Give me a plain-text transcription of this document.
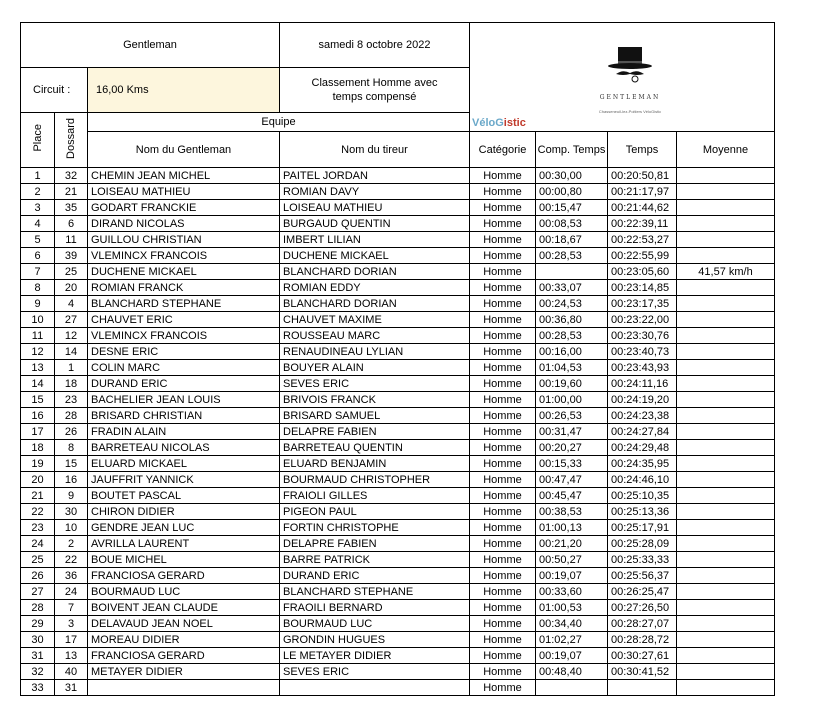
Gentleman			samedi 8 octobre 2022	GENTLEMAN
Chasseneuil-lez-Poitiers VéloGistic
VéloGistic			

Circuit :		16,00 Kms	Classement Homme avec temps compensé				
Place	Dossard	Equipe					
		Nom du Gentleman	Nom du tireur	Catégorie	Comp. Temps	Temps	Moyenne
1	32	CHEMIN JEAN MICHEL	PAITEL JORDAN	Homme	00:30,00	00:20:50,81	
2	21	LOISEAU MATHIEU	ROMIAN DAVY	Homme	00:00,80	00:21:17,97	
3	35	GODART FRANCKIE	LOISEAU MATHIEU	Homme	00:15,47	00:21:44,62	
4	6	DIRAND NICOLAS	BURGAUD QUENTIN	Homme	00:08,53	00:22:39,11	
5	11	GUILLOU CHRISTIAN	IMBERT LILIAN	Homme	00:18,67	00:22:53,27	
6	39	VLEMINCX FRANCOIS	DUCHENE MICKAEL	Homme	00:28,53	00:22:55,99	
7	25	DUCHENE MICKAEL	BLANCHARD DORIAN	Homme		00:23:05,60	41,57 km/h
8	20	ROMIAN FRANCK	ROMIAN EDDY	Homme	00:33,07	00:23:14,85	
9	4	BLANCHARD STEPHANE	BLANCHARD DORIAN	Homme	00:24,53	00:23:17,35	
10	27	CHAUVET ERIC	CHAUVET MAXIME	Homme	00:36,80	00:23:22,00	
11	12	VLEMINCX FRANCOIS	ROUSSEAU MARC	Homme	00:28,53	00:23:30,76	
12	14	DESNE ERIC	RENAUDINEAU LYLIAN	Homme	00:16,00	00:23:40,73	
13	1	COLIN MARC	BOUYER ALAIN	Homme	01:04,53	00:23:43,93	
14	18	DURAND ERIC	SEVES ERIC	Homme	00:19,60	00:24:11,16	
15	23	BACHELIER JEAN LOUIS	BRIVOIS FRANCK	Homme	01:00,00	00:24:19,20	
16	28	BRISARD CHRISTIAN	BRISARD SAMUEL	Homme	00:26,53	00:24:23,38	
17	26	FRADIN ALAIN	DELAPRE FABIEN	Homme	00:31,47	00:24:27,84	
18	8	BARRETEAU NICOLAS	BARRETEAU QUENTIN	Homme	00:20,27	00:24:29,48	
19	15	ELUARD MICKAEL	ELUARD BENJAMIN	Homme	00:15,33	00:24:35,95	
20	16	JAUFFRIT YANNICK	BOURMAUD CHRISTOPHER	Homme	00:47,47	00:24:46,10	
21	9	BOUTET PASCAL	FRAIOLI GILLES	Homme	00:45,47	00:25:10,35	
22	30	CHIRON DIDIER	PIGEON PAUL	Homme	00:38,53	00:25:13,36	
23	10	GENDRE JEAN LUC	FORTIN CHRISTOPHE	Homme	01:00,13	00:25:17,91	
24	2	AVRILLA LAURENT	DELAPRE FABIEN	Homme	00:21,20	00:25:28,09	
25	22	BOUE MICHEL	BARRE PATRICK	Homme	00:50,27	00:25:33,33	
26	36	FRANCIOSA GERARD	DURAND ERIC	Homme	00:19,07	00:25:56,37	
27	24	BOURMAUD LUC	BLANCHARD STEPHANE	Homme	00:33,60	00:26:25,47	
28	7	BOIVENT JEAN CLAUDE	FRAOILI BERNARD	Homme	01:00,53	00:27:26,50	
29	3	DELAVAUD JEAN NOEL	BOURMAUD LUC	Homme	00:34,40	00:28:27,07	
30	17	MOREAU DIDIER	GRONDIN HUGUES	Homme	01:02,27	00:28:28,72	
31	13	FRANCIOSA GERARD	LE METAYER DIDIER	Homme	00:19,07	00:30:27,61	
32	40	METAYER DIDIER	SEVES ERIC	Homme	00:48,40	00:30:41,52	
33	31			Homme			
